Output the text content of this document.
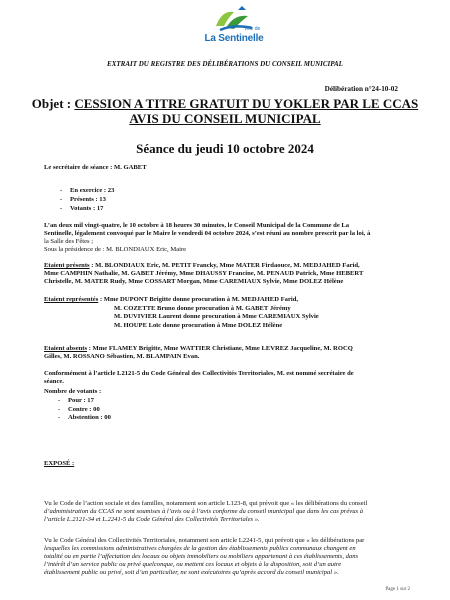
Ville de
La Sentinelle
EXTRAIT DU REGISTRE DES DÉLIBÉRATIONS DU CONSEIL MUNICIPAL
Délibération n°24-10-02
Objet : CESSION A TITRE GRATUIT DU YOKLER PAR LE CCAS
AVIS DU CONSEIL MUNICIPAL
Séance du jeudi 10 octobre 2024
Le secrétaire de séance : M. GABET
- En exercice : 23
- Présents : 13
- Votants : 17
L’an deux mil vingt-quatre, le 10 octobre à 18 heures 30 minutes, le Conseil Municipal de la Commune de La
Sentinelle, légalement convoqué par le Maire le vendredi 04 octobre 2024, s’est réuni au nombre prescrit par la loi, à
la Salle des Fêtes ;
Sous la présidence de : M. BLONDIAUX Eric, Maire
Etaient présents : M. BLONDIAUX Eric, M. PETIT Francky, Mme MATER Firdaouce, M. MEDJAHED Farid,
Mme CAMPHIN Nathalie, M. GABET Jérémy, Mme DHAUSSY Francine, M. PENAUD Patrick, Mme HEBERT
Christelle, M. MATER Rudy, Mme COSSART Morgan, Mme CAREMIAUX Sylvie, Mme DOLEZ Hélène
Etaient représentés : Mme DUPONT Brigitte donne procuration à M. MEDJAHED Farid,
M. COZETTE Bruno donne procuration à M. GABET Jérémy
M. DUVIVIER Laurent donne procuration à Mme CAREMIAUX Sylvie
M. HOUPE Loïc donne procuration à Mme DOLEZ Hélène
Etaient absents : Mme FLAMEY Brigitte, Mme WATTIER Christiane, Mme LEVREZ Jacqueline, M. ROCQ
Gilles, M. ROSSANO Sébastien, M. BLAMPAIN Evan.
Conformément à l’article L2121-5 du Code Général des Collectivités Territoriales, M. est nommé secrétaire de
séance.
Nombre de votants :
- Pour : 17
- Contre : 00
- Abstention : 00
EXPOSÉ :
Vu le Code de l’action sociale et des familles, notamment son article L123-8, qui prévoit que « les délibérations du conseil
d’administration du CCAS ne sont soumises à l’avis ou à l’avis conforme du conseil municipal que dans les cas prévus à
l’article L.2121-34 et L.2241-5 du Code Général des Collectivités Territoriales ».
Vu le Code Général des Collectivités Territoriales, notamment son article L2241-5, qui prévoit que « les délibérations par
lesquelles les commissions administratives chargées de la gestion des établissements publics communaux changent en
totalité ou en partie l’affectation des locaux ou objets immobiliers ou mobiliers appartenant à ces établissements, dans
l’intérêt d’un service public ou privé quelconque, ou mettent ces locaux et objets à la disposition, soit d’un autre
établissement public ou privé, soit d’un particulier, ne sont exécutoires qu’après accord du conseil municipal ».
Page 1 sur 2
